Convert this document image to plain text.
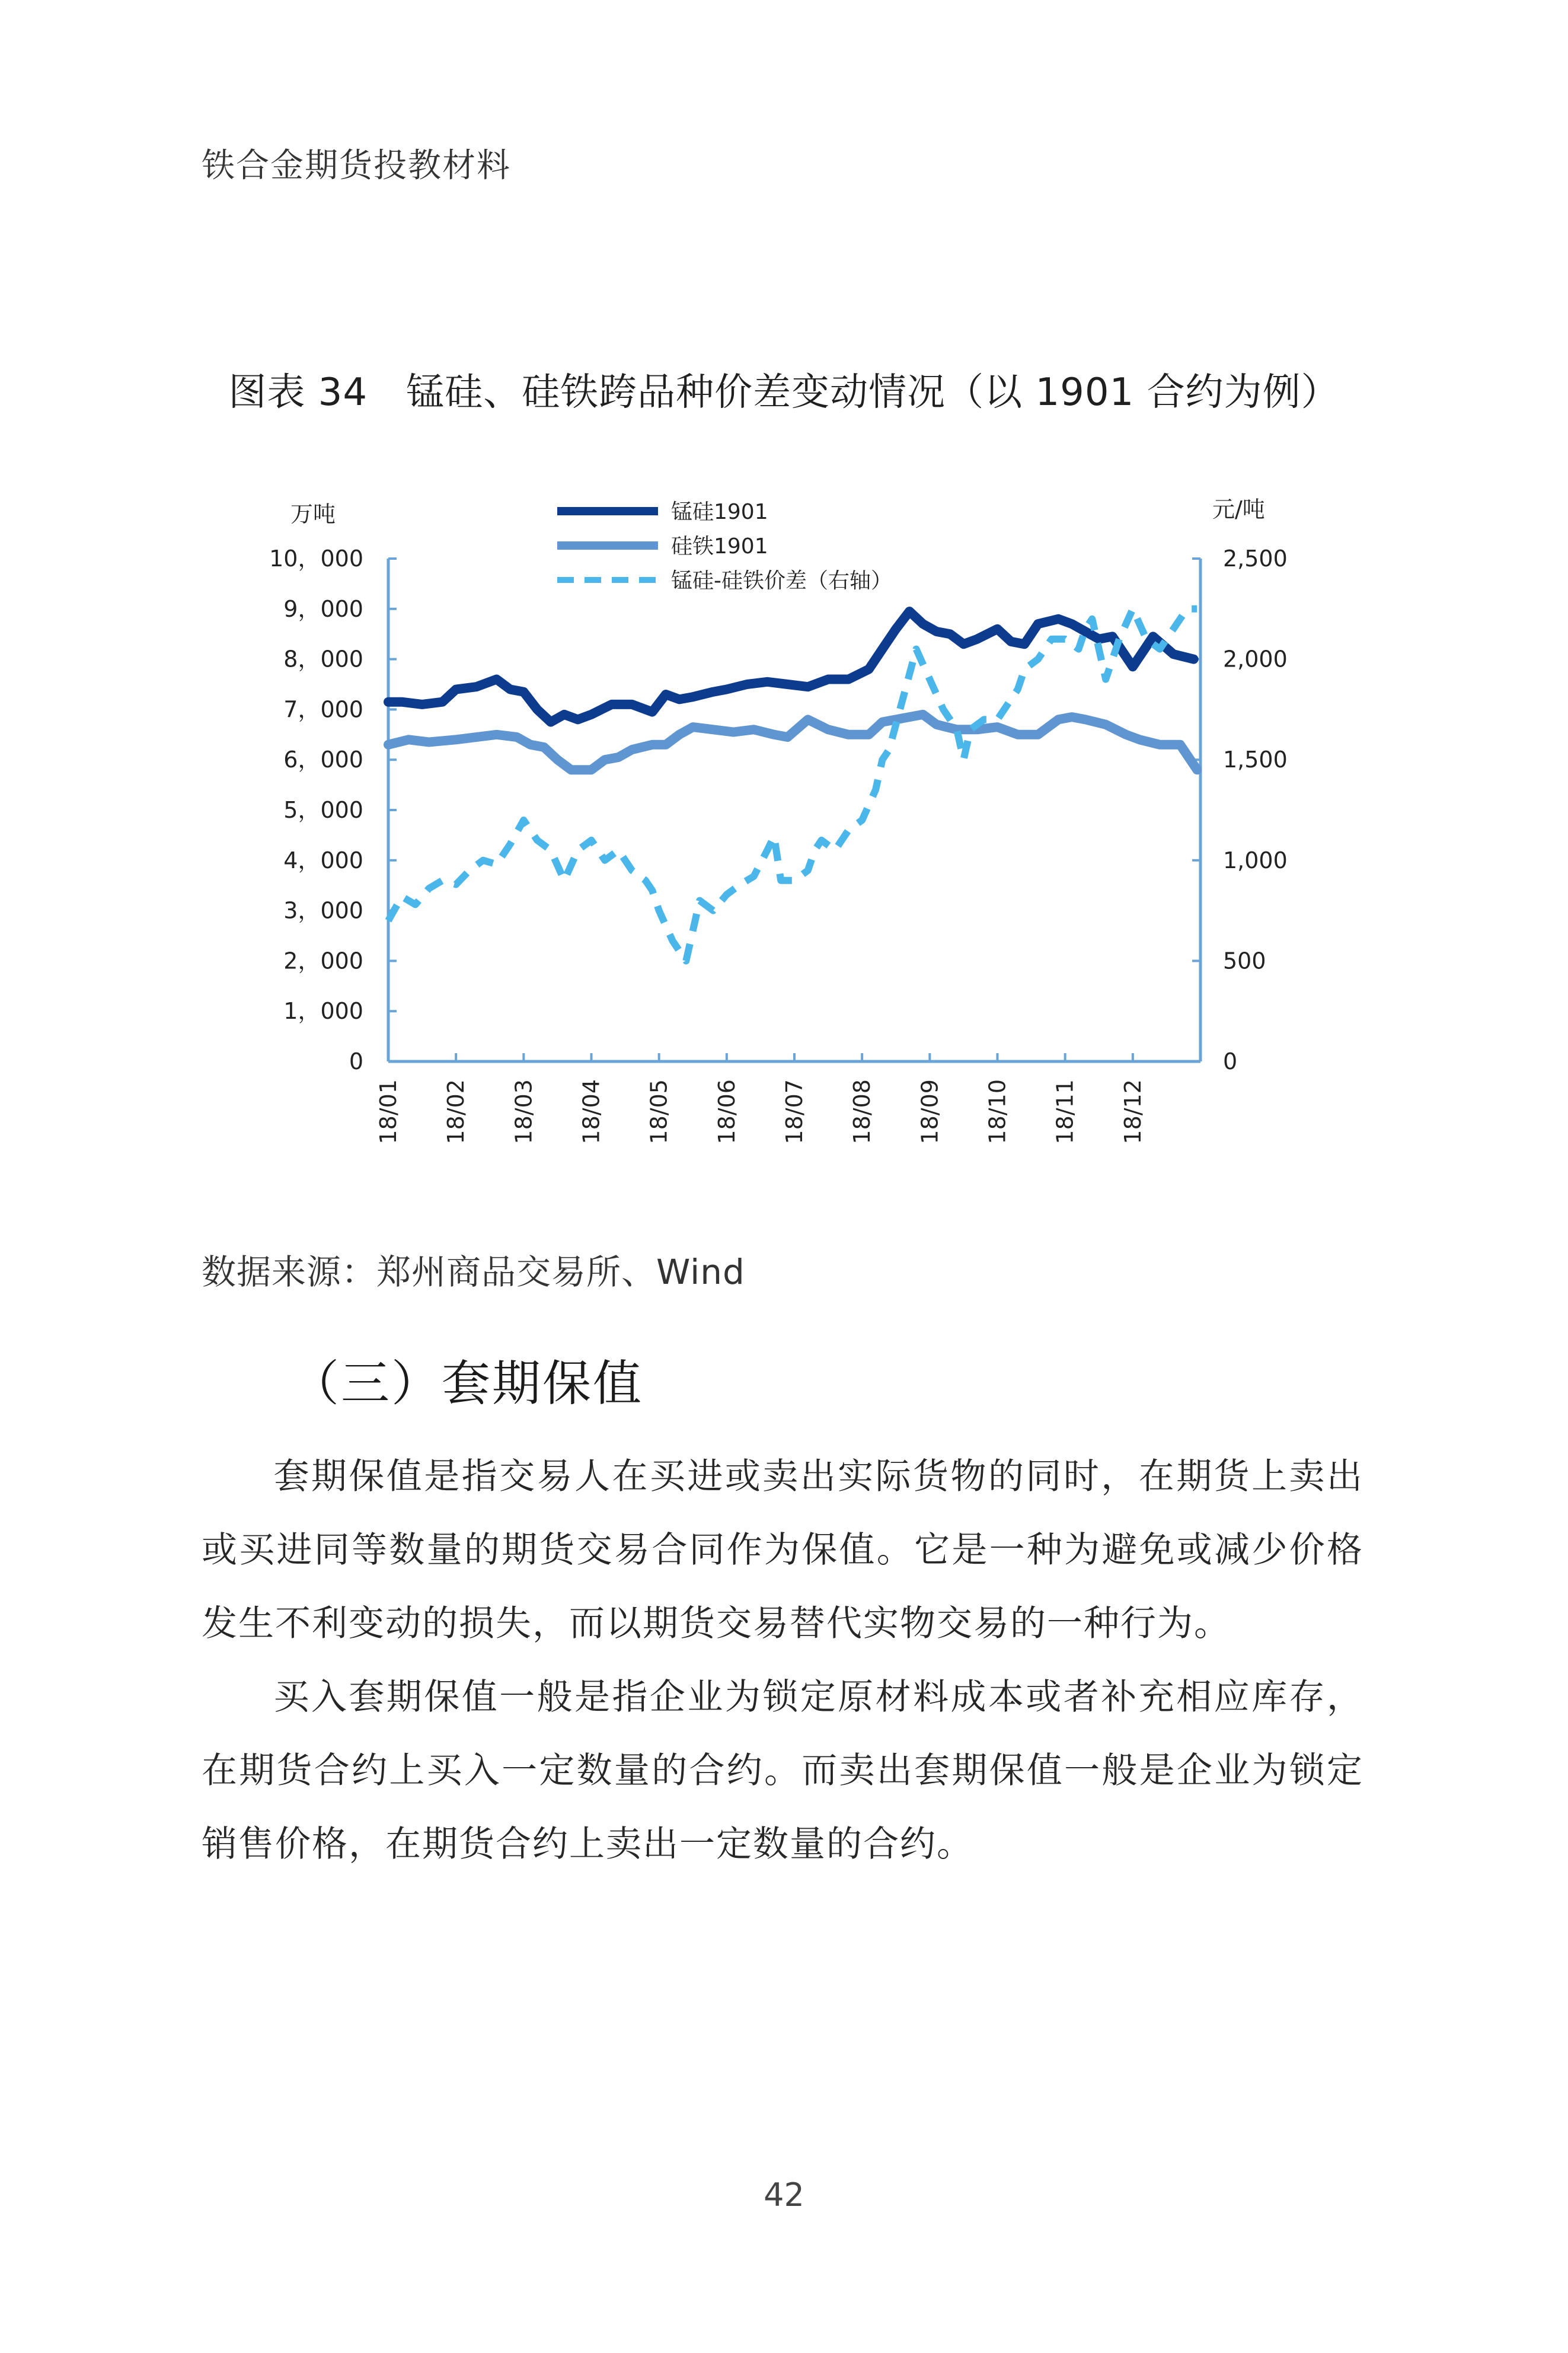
铁合金期货投教材料
图表 34　锰硅、硅铁跨品种价差变动情况（以 1901 合约为例）
10，000
9，000
8，000
7，000
6，000
5，000
4，000
3，000
2，000
1，000
0
2,500
2,000
1,500
1,000
500
0
万吨	元/吨
18/01 18/02 18/03 18/04 18/05 18/06 18/07 18/08 18/09 18/10 18/11 18/12
锰硅1901
硅铁1901
锰硅-硅铁价差（右轴）
数据来源：郑州商品交易所、Wind
（三）套期保值
套期保值是指交易人在买进或卖出实际货物的同时，在期货上卖出或买进同等数量的期货交易合同作为保值。它是一种为避免或减少价格发生不利变动的损失，而以期货交易替代实物交易的一种行为。
买入套期保值一般是指企业为锁定原材料成本或者补充相应库存，在期货合约上买入一定数量的合约。而卖出套期保值一般是企业为锁定销售价格，在期货合约上卖出一定数量的合约。
42
